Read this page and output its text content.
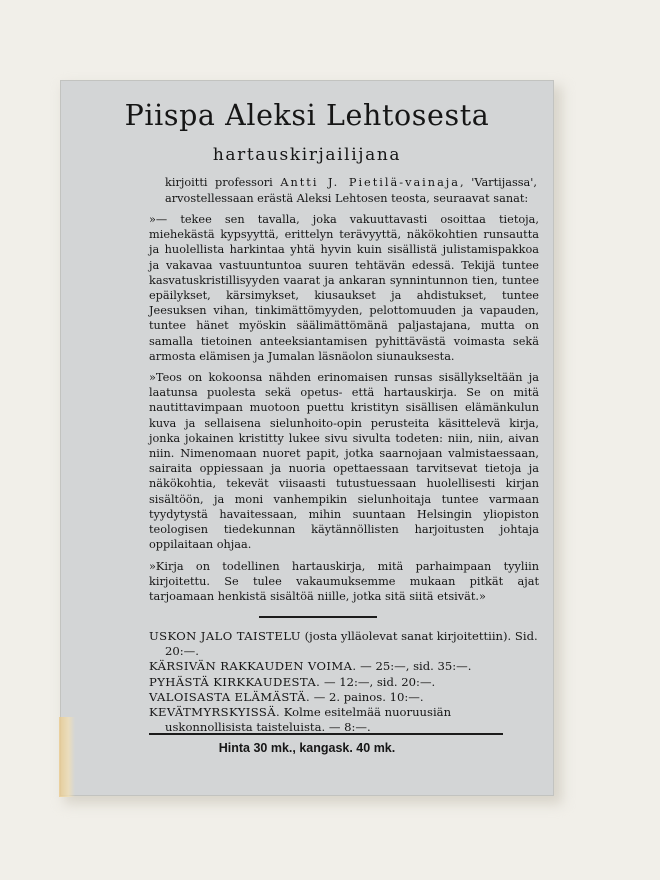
Piispa Aleksi Lehtosesta
hartauskirjailijana
kirjoitti professori Antti J. Pietilä-vainaja, 'Vartijassa', arvostellessaan erästä Aleksi Lehtosen teosta, seuraavat sanat:
»— tekee sen tavalla, joka vakuuttavasti osoittaa tietoja, miehekästä kypsyyttä, erittelyn terävyyttä, näkökohtien runsautta ja huolellista harkintaa yhtä hyvin kuin sisällistä julistamispakkoa ja vakavaa vastuuntuntoa suuren tehtävän edessä. Tekijä tuntee kasvatuskristillisyyden vaarat ja ankaran synnintunnon tien, tuntee epäilykset, kärsimykset, kiusaukset ja ahdistukset, tuntee Jeesuksen vihan, tinkimättömyyden, pelottomuuden ja vapauden, tuntee hänet myöskin säälimättömänä paljastajana, mutta on samalla tietoinen anteeksiantamisen pyhittävästä voimasta sekä armosta elämisen ja Jumalan läsnäolon siunauksesta.
»Teos on kokoonsa nähden erinomaisen runsas sisällykseltään ja laatunsa puolesta sekä opetus- että hartauskirja. Se on mitä nautittavimpaan muotoon puettu kristityn sisällisen elämänkulun kuva ja sellaisena sielunhoito-opin perusteita käsittelevä kirja, jonka jokainen kristitty lukee sivu sivulta todeten: niin, niin, aivan niin. Nimenomaan nuoret papit, jotka saarnojaan valmistaessaan, sairaita oppiessaan ja nuoria opettaessaan tarvitsevat tietoja ja näkökohtia, tekevät viisaasti tutustuessaan huolellisesti kirjan sisältöön, ja moni vanhempikin sielunhoitaja tuntee varmaan tyydytystä havaitessaan, mihin suuntaan Helsingin yliopiston teologisen tiedekunnan käytännöllisten harjoitusten johtaja oppilaitaan ohjaa.
»Kirja on todellinen hartauskirja, mitä parhaimpaan tyyliin kirjoitettu. Se tulee vakaumuksemme mukaan pitkät ajat tarjoamaan henkistä sisältöä niille, jotka sitä siitä etsivät.»
USKON JALO TAISTELU (josta ylläolevat sanat kirjoitettiin). Sid. 20:—.
KÄRSIVÄN RAKKAUDEN VOIMA. — 25:—, sid. 35:—.
PYHÄSTÄ KIRKKAUDESTA. — 12:—, sid. 20:—.
VALOISASTA ELÄMÄSTÄ. — 2. painos. 10:—.
KEVÄTMYRSKYISSÄ. Kolme esitelmää nuoruusiän uskonnollisista taisteluista. — 8:—.
Hinta 30 mk., kangask. 40 mk.
